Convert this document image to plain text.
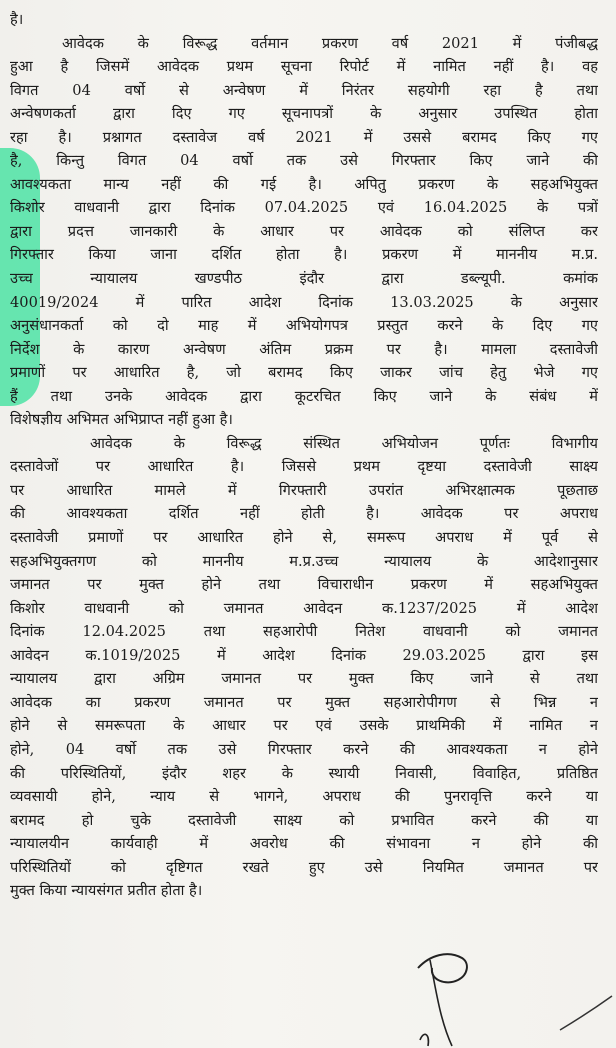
है।
आवेदक के विरूद्ध वर्तमान प्रकरण वर्ष 2021 में पंजीबद्ध
हुआ है जिसमें आवेदक प्रथम सूचना रिपोर्ट में नामित नहीं है। वह
विगत 04 वर्षो से अन्वेषण में निरंतर सहयोगी रहा है तथा
अन्वेषणकर्ता द्वारा दिए गए सूचनापत्रों के अनुसार उपस्थित होता
रहा है। प्रश्नागत दस्तावेज वर्ष 2021 में उससे बरामद किए गए
है, किन्तु विगत 04 वर्षो तक उसे गिरफ्तार किए जाने की
आवश्यकता मान्य नहीं की गई है। अपितु प्रकरण के सहअभियुक्त
किशोर वाधवानी द्वारा दिनांक 07.04.2025 एवं 16.04.2025 के पत्रों
द्वारा प्रदत्त जानकारी के आधार पर आवेदक को संलिप्त कर
गिरफ्तार किया जाना दर्शित होता है। प्रकरण में माननीय म.प्र.
उच्च न्यायालय खण्डपीठ इंदौर द्वारा डब्ल्यूपी. कमांक
40019/2024 में पारित आदेश दिनांक 13.03.2025 के अनुसार
अनुसंधानकर्ता को दो माह में अभियोगपत्र प्रस्तुत करने के दिए गए
निर्देश के कारण अन्वेषण अंतिम प्रक्रम पर है। मामला दस्तावेजी
प्रमाणों पर आधारित है, जो बरामद किए जाकर जांच हेतु भेजे गए
हैं तथा उनके आवेदक द्वारा कूटरचित किए जाने के संबंध में
विशेषज्ञीय अभिमत अभिप्राप्त नहीं हुआ है।
आवेदक के विरूद्ध संस्थित अभियोजन पूर्णतः विभागीय
दस्तावेजों पर आधारित है। जिससे प्रथम दृष्टया दस्तावेजी साक्ष्य
पर आधारित मामले में गिरफ्तारी उपरांत अभिरक्षात्मक पूछताछ
की आवश्यकता दर्शित नहीं होती है। आवेदक पर अपराध
दस्तावेजी प्रमाणों पर आधारित होने से, समरूप अपराध में पूर्व से
सहअभियुक्तगण को माननीय म.प्र.उच्च न्यायालय के आदेशानुसार
जमानत पर मुक्त होने तथा विचाराधीन प्रकरण में सहअभियुक्त
किशोर वाधवानी को जमानत आवेदन क.1237/2025 में आदेश
दिनांक 12.04.2025 तथा सहआरोपी नितेश वाधवानी को जमानत
आवेदन क.1019/2025 में आदेश दिनांक 29.03.2025 द्वारा इस
न्यायालय द्वारा अग्रिम जमानत पर मुक्त किए जाने से तथा
आवेदक का प्रकरण जमानत पर मुक्त सहआरोपीगण से भिन्न न
होने से समरूपता के आधार पर एवं उसके प्राथमिकी में नामित न
होने, 04 वर्षो तक उसे गिरफ्तार करने की आवश्यकता न होने
की परिस्थितियों, इंदौर शहर के स्थायी निवासी, विवाहित, प्रतिष्ठित
व्यवसायी होने, न्याय से भागने, अपराध की पुनरावृत्ति करने या
बरामद हो चुके दस्तावेजी साक्ष्य को प्रभावित करने की या
न्यायालयीन कार्यवाही में अवरोध की संभावना न होने की
परिस्थितियों को दृष्टिगत रखते हुए उसे नियमित जमानत पर
मुक्त किया न्यायसंगत प्रतीत होता है।
